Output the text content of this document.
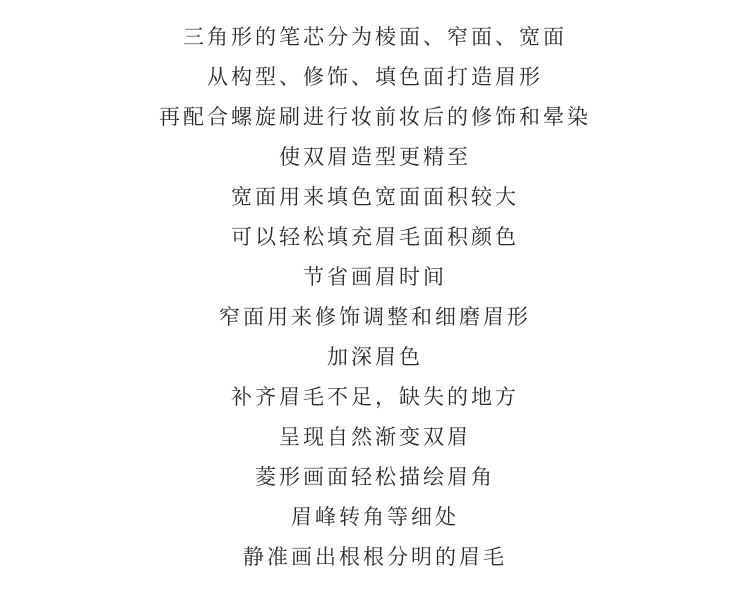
三角形的笔芯分为棱面、窄面、宽面
从构型、修饰、填色面打造眉形
再配合螺旋刷进行妆前妆后的修饰和晕染
使双眉造型更精至
宽面用来填色宽面面积较大
可以轻松填充眉毛面积颜色
节省画眉时间
窄面用来修饰调整和细磨眉形
加深眉色
补齐眉毛不足，缺失的地方
呈现自然渐变双眉
菱形画面轻松描绘眉角
眉峰转角等细处
静准画出根根分明的眉毛
